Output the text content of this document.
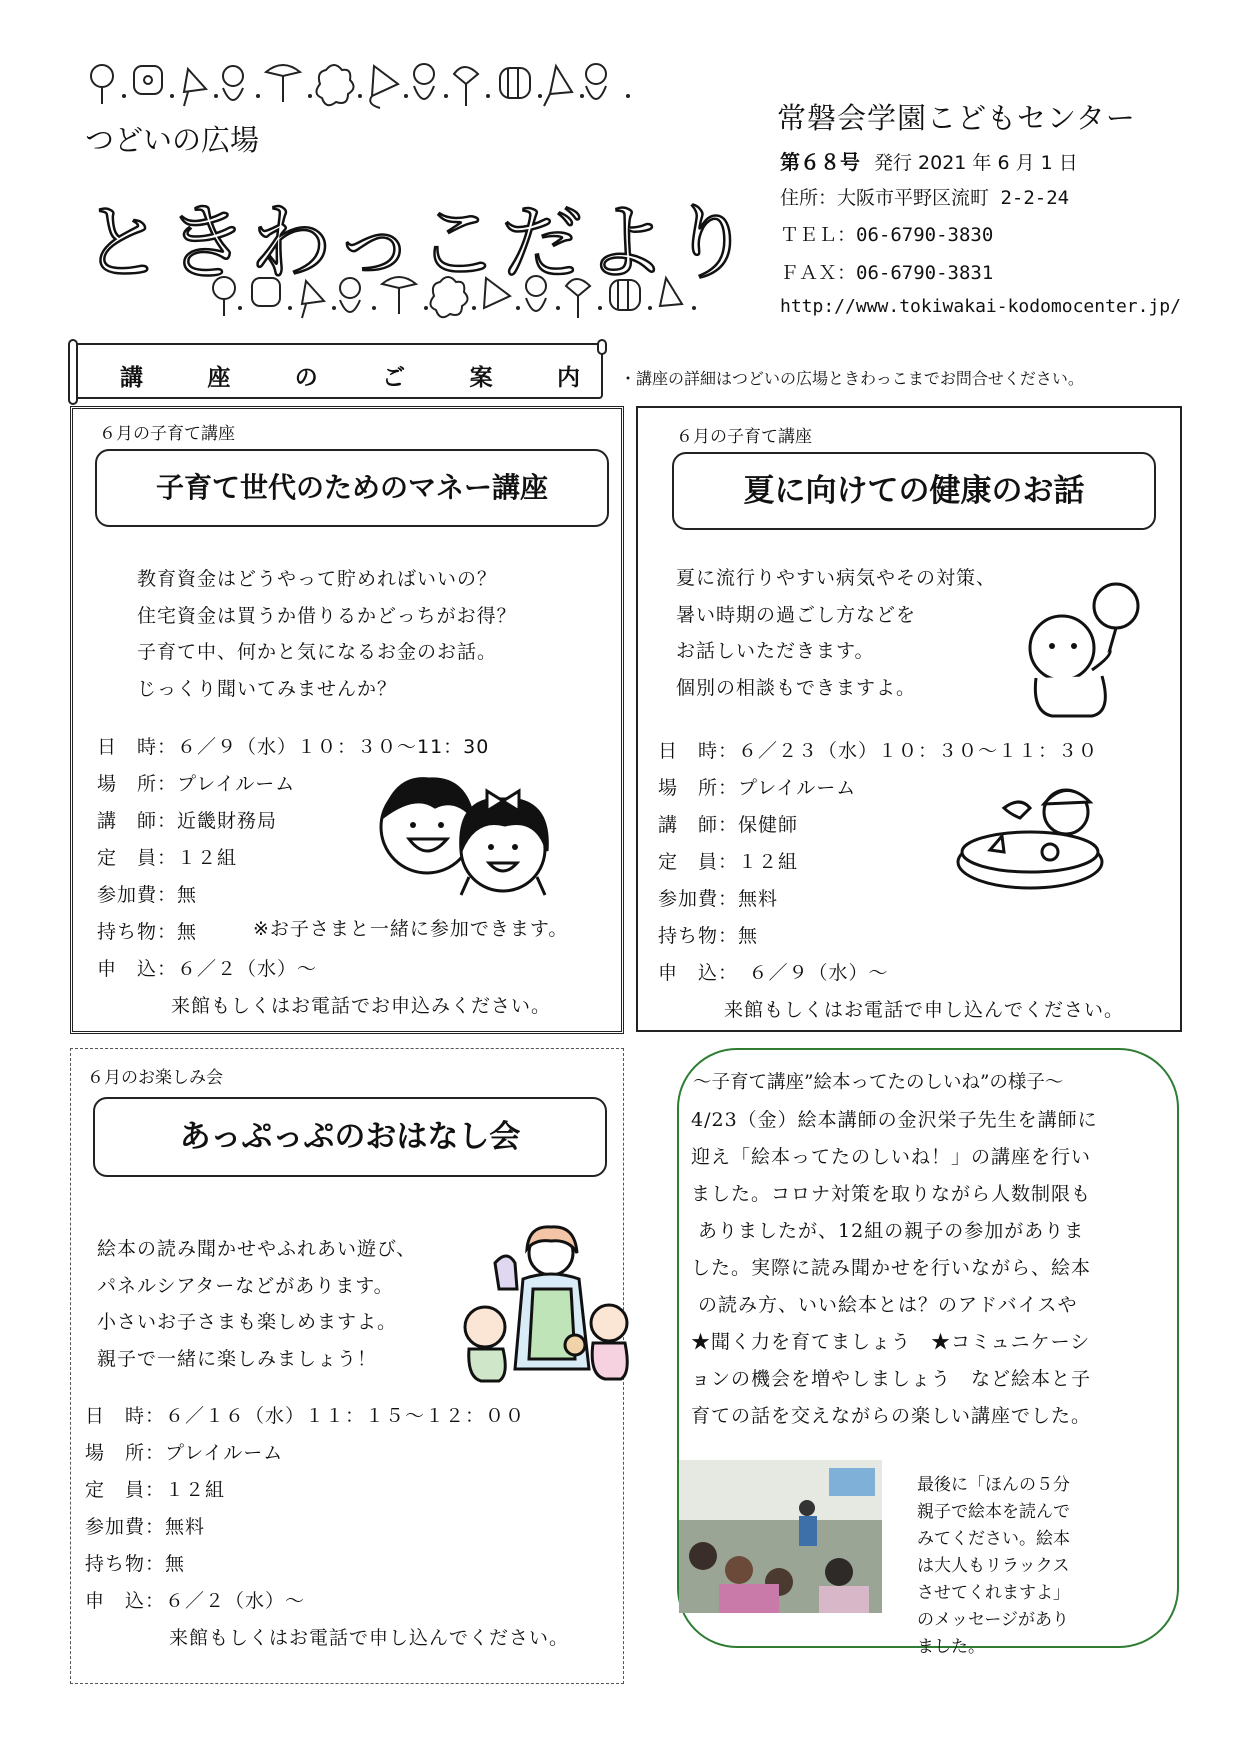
つどいの広場
ときわっこだより
常磐会学園こどもセンター
第６８号 発行 2021 年 6 月 1 日
住所：大阪市平野区流町 2-2-24
ＴＥＬ：06-6790-3830
ＦＡＸ：06-6790-3831
http://www.tokiwakai-kodomocenter.jp/
講	座	の	ご	案	内	・講座の詳細はつどいの広場ときわっこまでお問合せください。
６月の子育て講座
子育て世代のためのマネー講座
教育資金はどうやって貯めればいいの？
住宅資金は買うか借りるかどっちがお得？
子育て中、何かと気になるお金のお話。
じっくり聞いてみませんか？
日　時：６／９（水）１０：３０～11：30
場　所：プレイルーム
講　師：近畿財務局
定　員：１２組
参加費：無
持ち物：無	※お子さまと一緒に参加できます。
申　込：６／２（水）～
来館もしくはお電話でお申込みください。
６月の子育て講座
夏に向けての健康のお話
夏に流行りやすい病気やその対策、
暑い時期の過ごし方などを
お話しいただきます。
個別の相談もできますよ。
日　時：６／２３（水）１０：３０～１１：３０
場　所：プレイルーム
講　師：保健師
定　員：１２組
参加費：無料
持ち物：無
申　込：　６／９（水）～
来館もしくはお電話で申し込んでください。
６月のお楽しみ会
あっぷっぷのおはなし会
絵本の読み聞かせやふれあい遊び、
パネルシアターなどがあります。
小さいお子さまも楽しめますよ。
親子で一緒に楽しみましょう！
日　時：６／１６（水）１１：１５～１２：００
場　所：プレイルーム
定　員：１２組
参加費：無料
持ち物：無
申　込：６／２（水）～
来館もしくはお電話で申し込んでください。
～子育て講座”絵本ってたのしいね”の様子～
4/23（金）絵本講師の金沢栄子先生を講師に
迎え「絵本ってたのしいね！」の講座を行い
ました。コロナ対策を取りながら人数制限も
ありましたが、12組の親子の参加がありま
した。実際に読み聞かせを行いながら、絵本
の読み方、いい絵本とは？のアドバイスや
★聞く力を育てましょう　★コミュニケーシ
ョンの機会を増やしましょう　など絵本と子
育ての話を交えながらの楽しい講座でした。
最後に「ほんの５分
親子で絵本を読んで
みてください。絵本
は大人もリラックス
させてくれますよ」
のメッセージがあり
ました。
